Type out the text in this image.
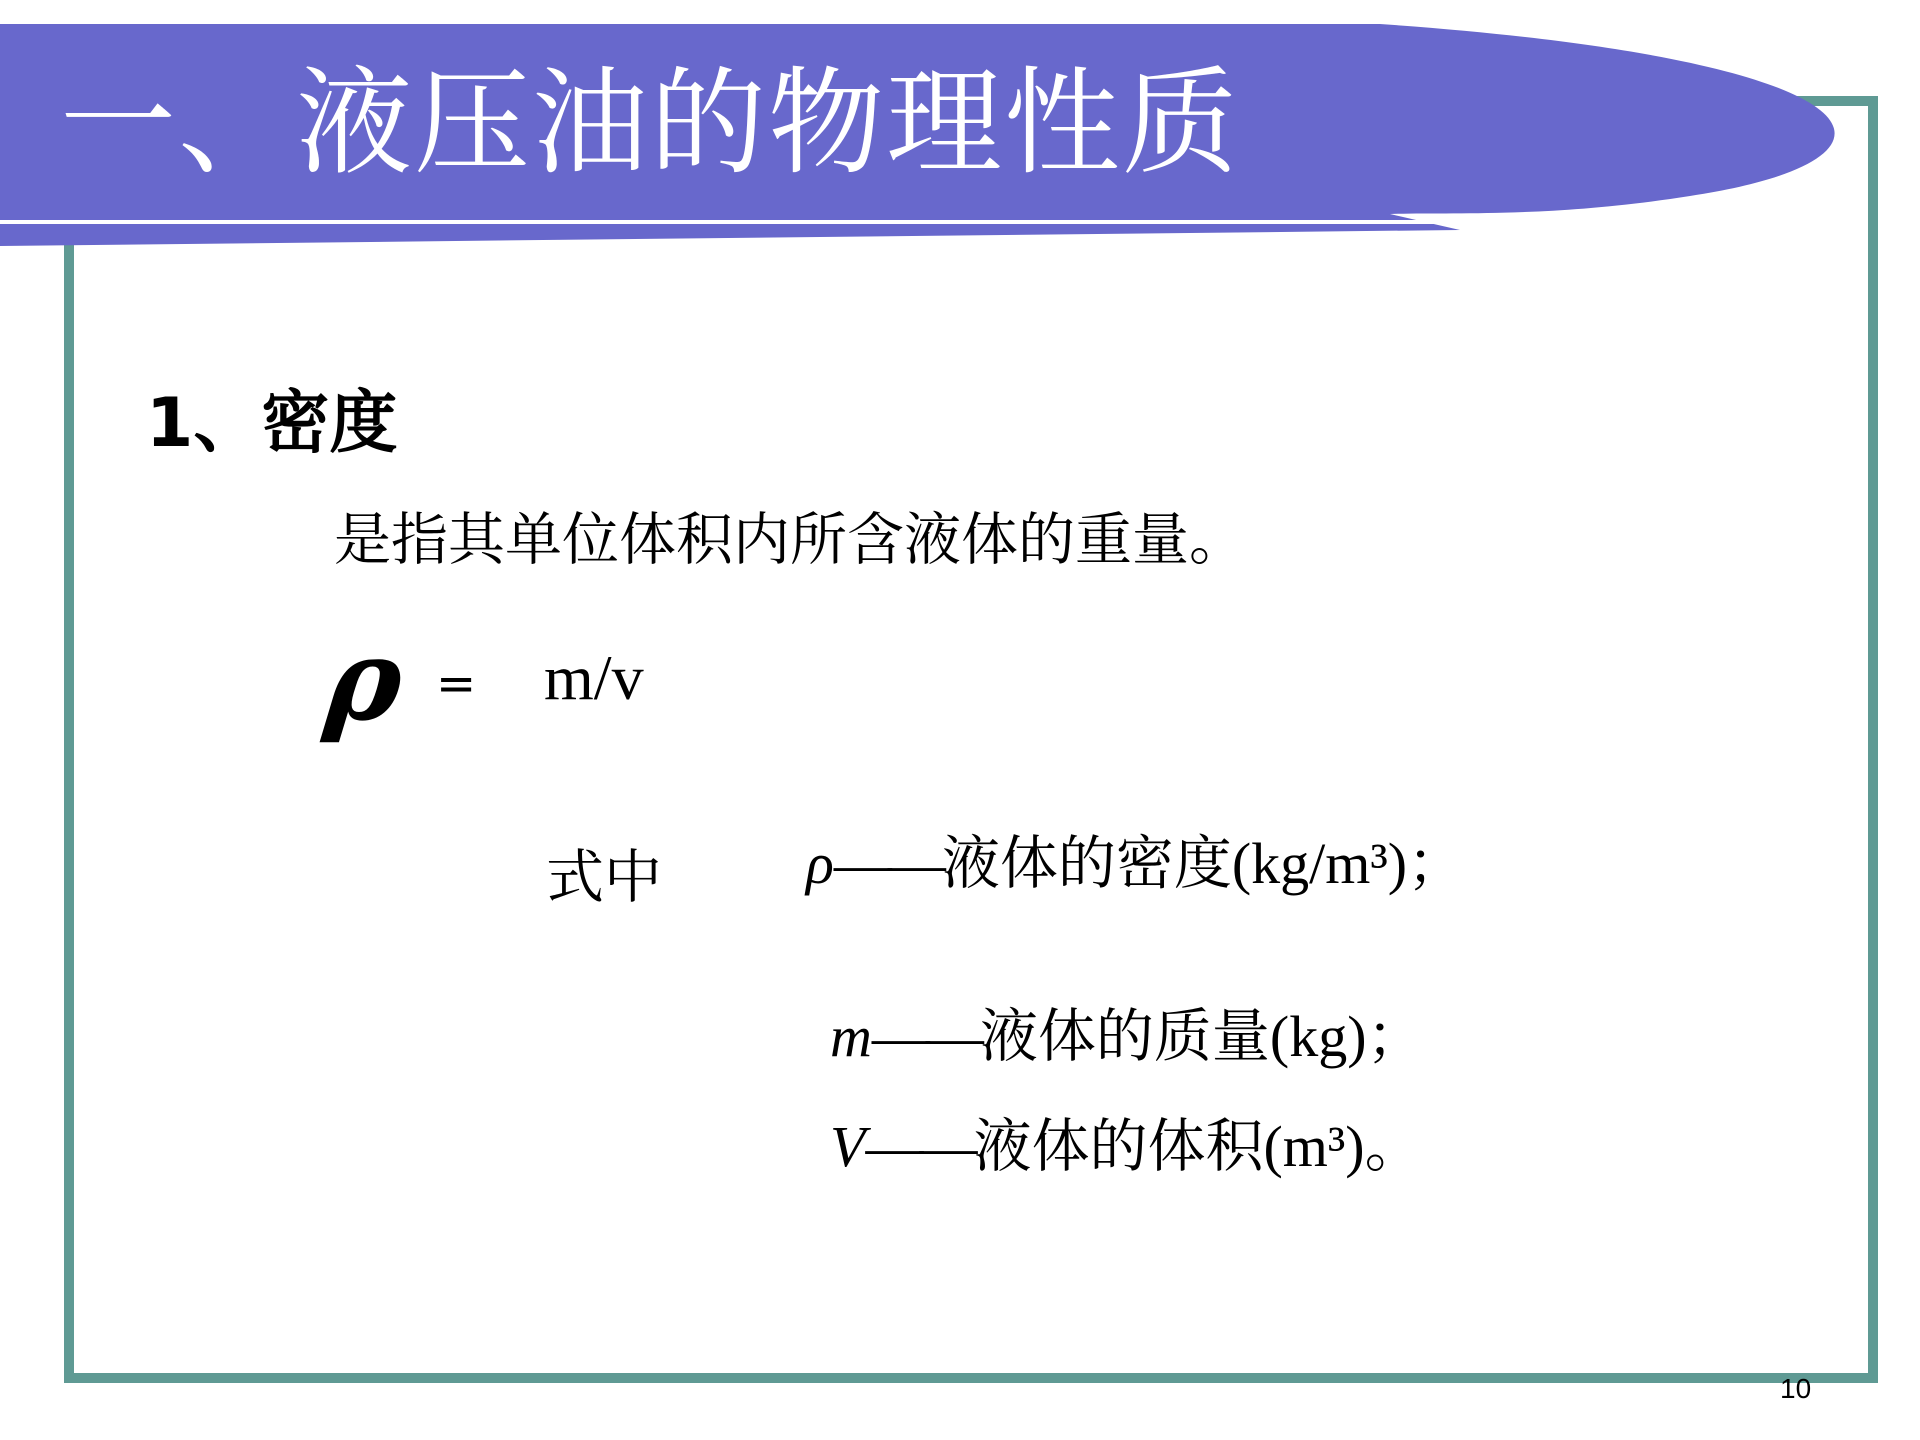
一、液压油的物理性质
1、密度
是指其单位体积内所含液体的重量。
ρ = m/v
式中 ρ——液体的密度(kg/m³)；
m——液体的质量(kg)；
V——液体的体积(m³)。
10
